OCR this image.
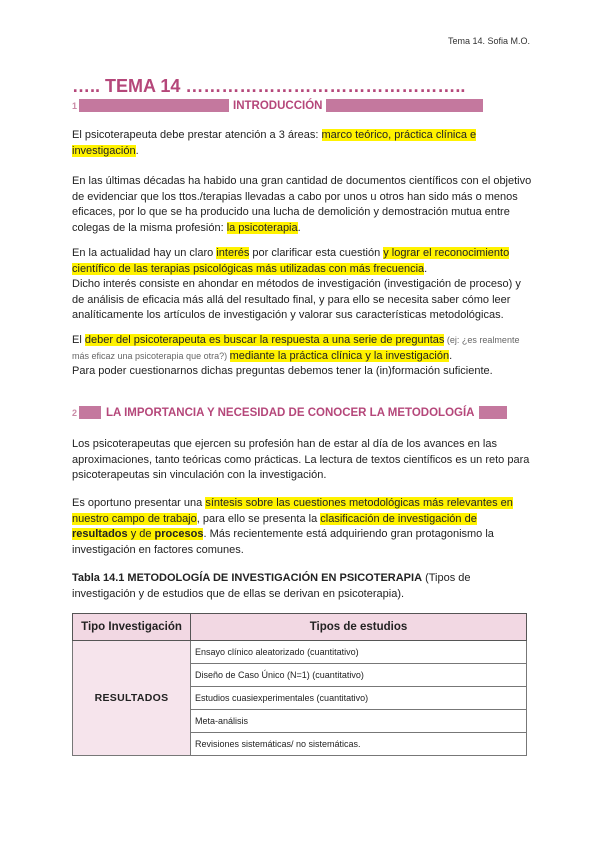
Tema 14. Sofia M.O.
….. TEMA 14 ………………………………………..
1	INTRODUCCIÓN
El psicoterapeuta debe prestar atención a 3 áreas: marco teórico, práctica clínica e investigación.
En las últimas décadas ha habido una gran cantidad de documentos científicos con el objetivo de evidenciar que los ttos./terapias llevadas a cabo por unos u otros han sido más o menos eficaces, por lo que se ha producido una lucha de demolición y demostración mutua entre colegas de la misma profesión: la psicoterapia.
En la actualidad hay un claro interés por clarificar esta cuestión y lograr el reconocimiento científico de las terapias psicológicas más utilizadas con más frecuencia.
Dicho interés consiste en ahondar en métodos de investigación (investigación de proceso) y de análisis de eficacia más allá del resultado final, y para ello se necesita saber cómo leer analíticamente los artículos de investigación y valorar sus características metodológicas.
El deber del psicoterapeuta es buscar la respuesta a una serie de preguntas (ej: ¿es realmente más eficaz una psicoterapia que otra?) mediante la práctica clínica y la investigación.
Para poder cuestionarnos dichas preguntas debemos tener la (in)formación suficiente.
2	LA IMPORTANCIA Y NECESIDAD DE CONOCER LA METODOLOGÍA
Los psicoterapeutas que ejercen su profesión han de estar al día de los avances en las aproximaciones, tanto teóricas como prácticas. La lectura de textos científicos es un reto para psicoterapeutas sin vinculación con la investigación.
Es oportuno presentar una síntesis sobre las cuestiones metodológicas más relevantes en nuestro campo de trabajo, para ello se presenta la clasificación de investigación de resultados y de procesos. Más recientemente está adquiriendo gran protagonismo la investigación en factores comunes.
Tabla 14.1 METODOLOGÍA DE INVESTIGACIÓN EN PSICOTERAPIA (Tipos de investigación y de estudios que de ellas se derivan en psicoterapia).
Tipo Investigación	Tipos de estudios
RESULTADOS	Ensayo clínico aleatorizado (cuantitativo)
	Diseño de Caso Único (N=1) (cuantitativo)
	Estudios cuasiexperimentales (cuantitativo)
	Meta-análisis
	Revisiones sistemáticas/ no sistemáticas.
